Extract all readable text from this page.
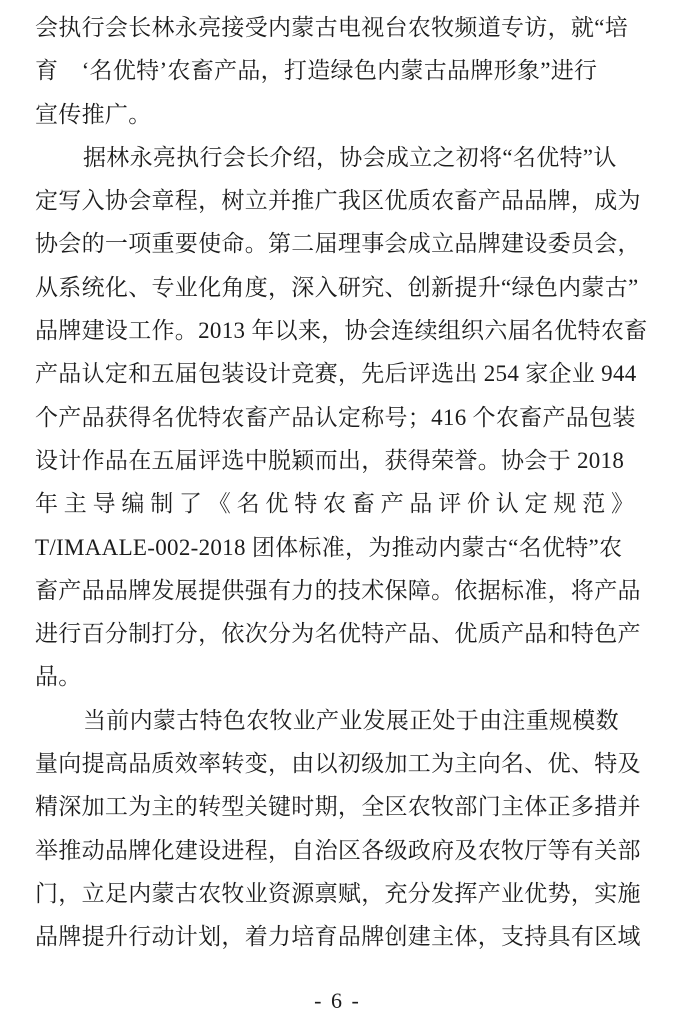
会执行会长林永亮接受内蒙古电视台农牧频道专访，就“培
育　‘名优特’农畜产品，打造绿色内蒙古品牌形象”进行
宣传推广。
据林永亮执行会长介绍，协会成立之初将“名优特”认
定写入协会章程，树立并推广我区优质农畜产品品牌，成为
协会的一项重要使命。第二届理事会成立品牌建设委员会，
从系统化、专业化角度，深入研究、创新提升“绿色内蒙古”
品牌建设工作。2013 年以来，协会连续组织六届名优特农畜
产品认定和五届包装设计竞赛，先后评选出 254 家企业 944
个产品获得名优特农畜产品认定称号；416 个农畜产品包装
设计作品在五届评选中脱颖而出，获得荣誉。协会于 2018
年主导编制了《名优特农畜产品评价认定规范》
T/IMAALE-002-2018 团体标准，为推动内蒙古“名优特”农
畜产品品牌发展提供强有力的技术保障。依据标准，将产品
进行百分制打分，依次分为名优特产品、优质产品和特色产
品。
当前内蒙古特色农牧业产业发展正处于由注重规模数
量向提高品质效率转变，由以初级加工为主向名、优、特及
精深加工为主的转型关键时期，全区农牧部门主体正多措并
举推动品牌化建设进程，自治区各级政府及农牧厅等有关部
门，立足内蒙古农牧业资源禀赋，充分发挥产业优势，实施
品牌提升行动计划，着力培育品牌创建主体，支持具有区域
- 6 -
